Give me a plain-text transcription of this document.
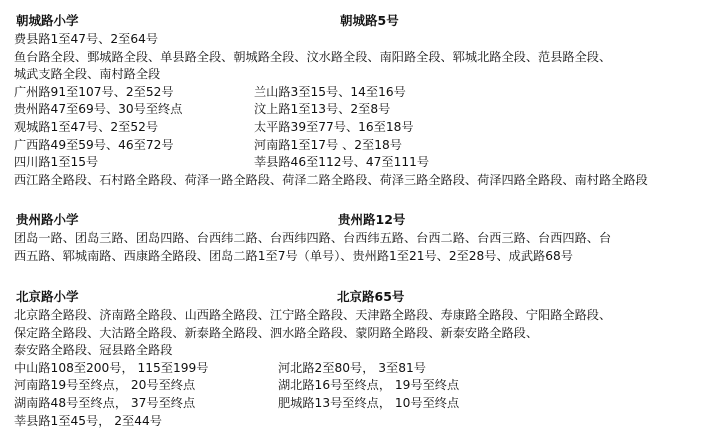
朝城路小学	朝城路5号
费县路1至47号、2至64号
鱼台路全段、鄄城路全段、单县路全段、朝城路全段、汶水路全段、南阳路全段、郓城北路全段、范县路全段、
城武支路全段、南村路全段
广州路91至107号、2至52号	兰山路3至15号、14至16号
贵州路47至69号、30号至终点	汶上路1至13号、2至8号
观城路1至47号、2至52号	太平路39至77号、16至18号
广西路49至59号、46至72号	河南路1至17号 、2至18号
四川路1至15号	莘县路46至112号、47至111号
西江路全路段、石村路全路段、荷泽一路全路段、荷泽二路全路段、荷泽三路全路段、荷泽四路全路段、南村路全路段
贵州路小学	贵州路12号
团岛一路、团岛三路、团岛四路、台西纬二路、台西纬四路、台西纬五路、台西二路、台西三路、台西四路、台
西五路、郓城南路、西康路全路段、团岛二路1至7号（单号）、贵州路1至21号、2至28号、成武路68号
北京路小学	北京路65号
北京路全路段、济南路全路段、山西路全路段、江宁路全路段、天津路全路段、寿康路全路段、宁阳路全路段、
保定路全路段、大沽路全路段、新泰路全路段、泗水路全路段、蒙阴路全路段、新泰安路全路段、
泰安路全路段、冠县路全路段
中山路108至200号， 115至199号	河北路2至80号， 3至81号
河南路19号至终点， 20号至终点	湖北路16号至终点， 19号至终点
湖南路48号至终点， 37号至终点	肥城路13号至终点， 10号至终点
莘县路1至45号， 2至44号
